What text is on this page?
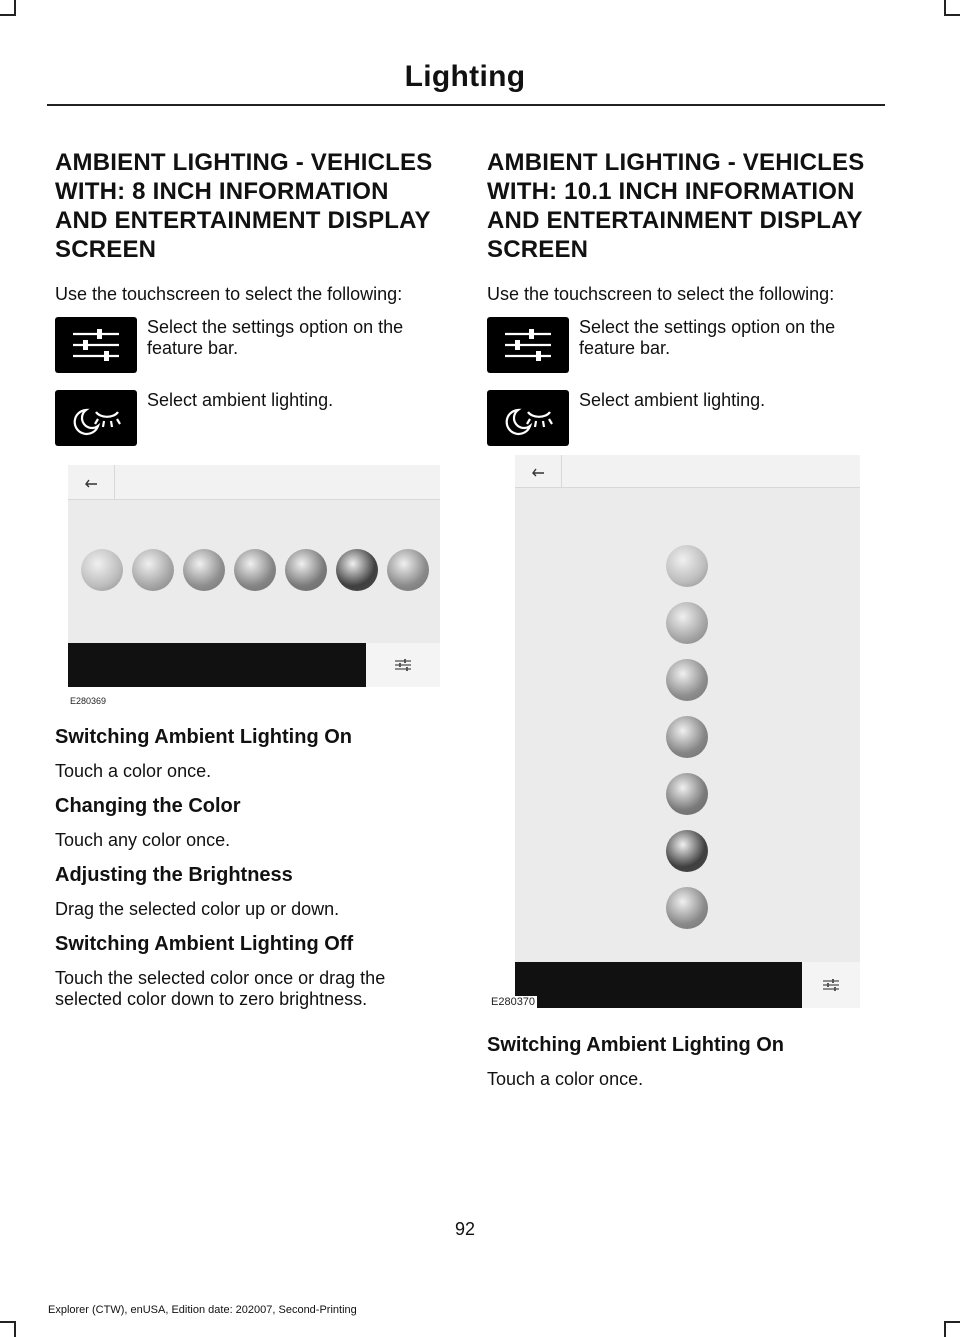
Lighting
AMBIENT LIGHTING - VEHICLES WITH: 8 INCH INFORMATION AND ENTERTAINMENT DISPLAY SCREEN

Use the touchscreen to select the following:

Select the settings option on the feature bar.
Select ambient lighting.
E280369
Switching Ambient Lighting On

Touch a color once.

Changing the Color

Touch any color once.

Adjusting the Brightness

Drag the selected color up or down.

Switching Ambient Lighting Off

Touch the selected color once or drag the selected color down to zero brightness.

AMBIENT LIGHTING - VEHICLES WITH: 10.1 INCH INFORMATION AND ENTERTAINMENT DISPLAY SCREEN

Use the touchscreen to select the following:

Select the settings option on the feature bar.
Select ambient lighting.
E280370
Switching Ambient Lighting On

Touch a color once.

92
Explorer (CTW), enUSA, Edition date: 202007, Second-Printing
